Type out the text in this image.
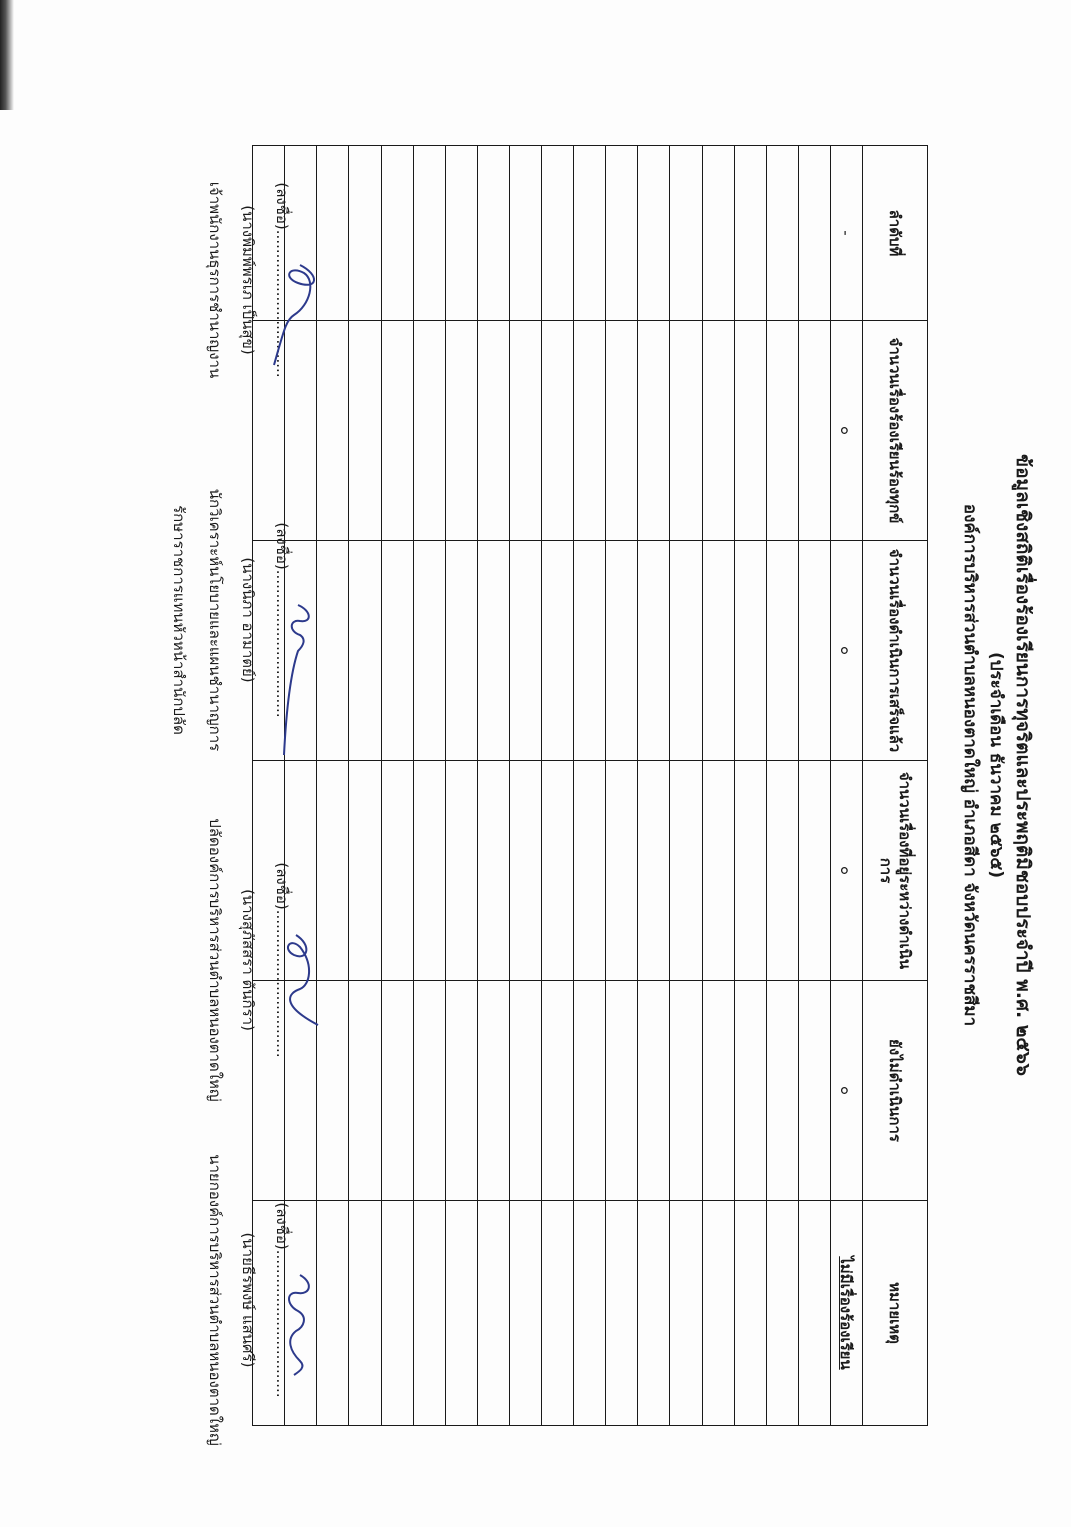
ข้อมูลเชิงสถิติเรื่องร้องเรียนการทุจริตและประพฤติมิชอบประจำปี พ.ศ. ๒๕๖๖
(ประจำเดือน ธันวาคม ๒๕๖๕)
องค์การบริหารส่วนตำบลหนองตาดใหญ่ อำเภอสีดา จังหวัดนครราชสีมา
ลำดับที่	จำนวนเรื่องร้องเรียนร้องทุกข์	จำนวนเรื่องดำเนินการเสร็จแล้ว	จำนวนเรื่องที่อยู่ระหว่างดำเนินการ	ยังไม่ดำเนินการ	หมายเหตุ
-	๐	๐	๐	๐	ไม่มีเรื่องร้องเรียน

(ลงชื่อ)...............................
(นางพิมพ์พรเภ เป็นสุข)
เจ้าพนักงานธุรการชำนาญงาน
(ลงชื่อ)...............................
(นางนิภา อามาตย์)
นักวิเคราะห์นโยบายและแผนชำนาญการ
(ลงชื่อ)...............................
(นางสุภัสสรา ต้นกิรา)
ปลัดองค์การบริหารส่วนตำบลหนองตาดใหญ่
(ลงชื่อ)...............................
(นายธีรพงษ์ แสนศรี)
นายกองค์การบริหารส่วนตำบลหนองตาดใหญ่
รักษาราชการแทนหัวหน้าสำนักปลัด
